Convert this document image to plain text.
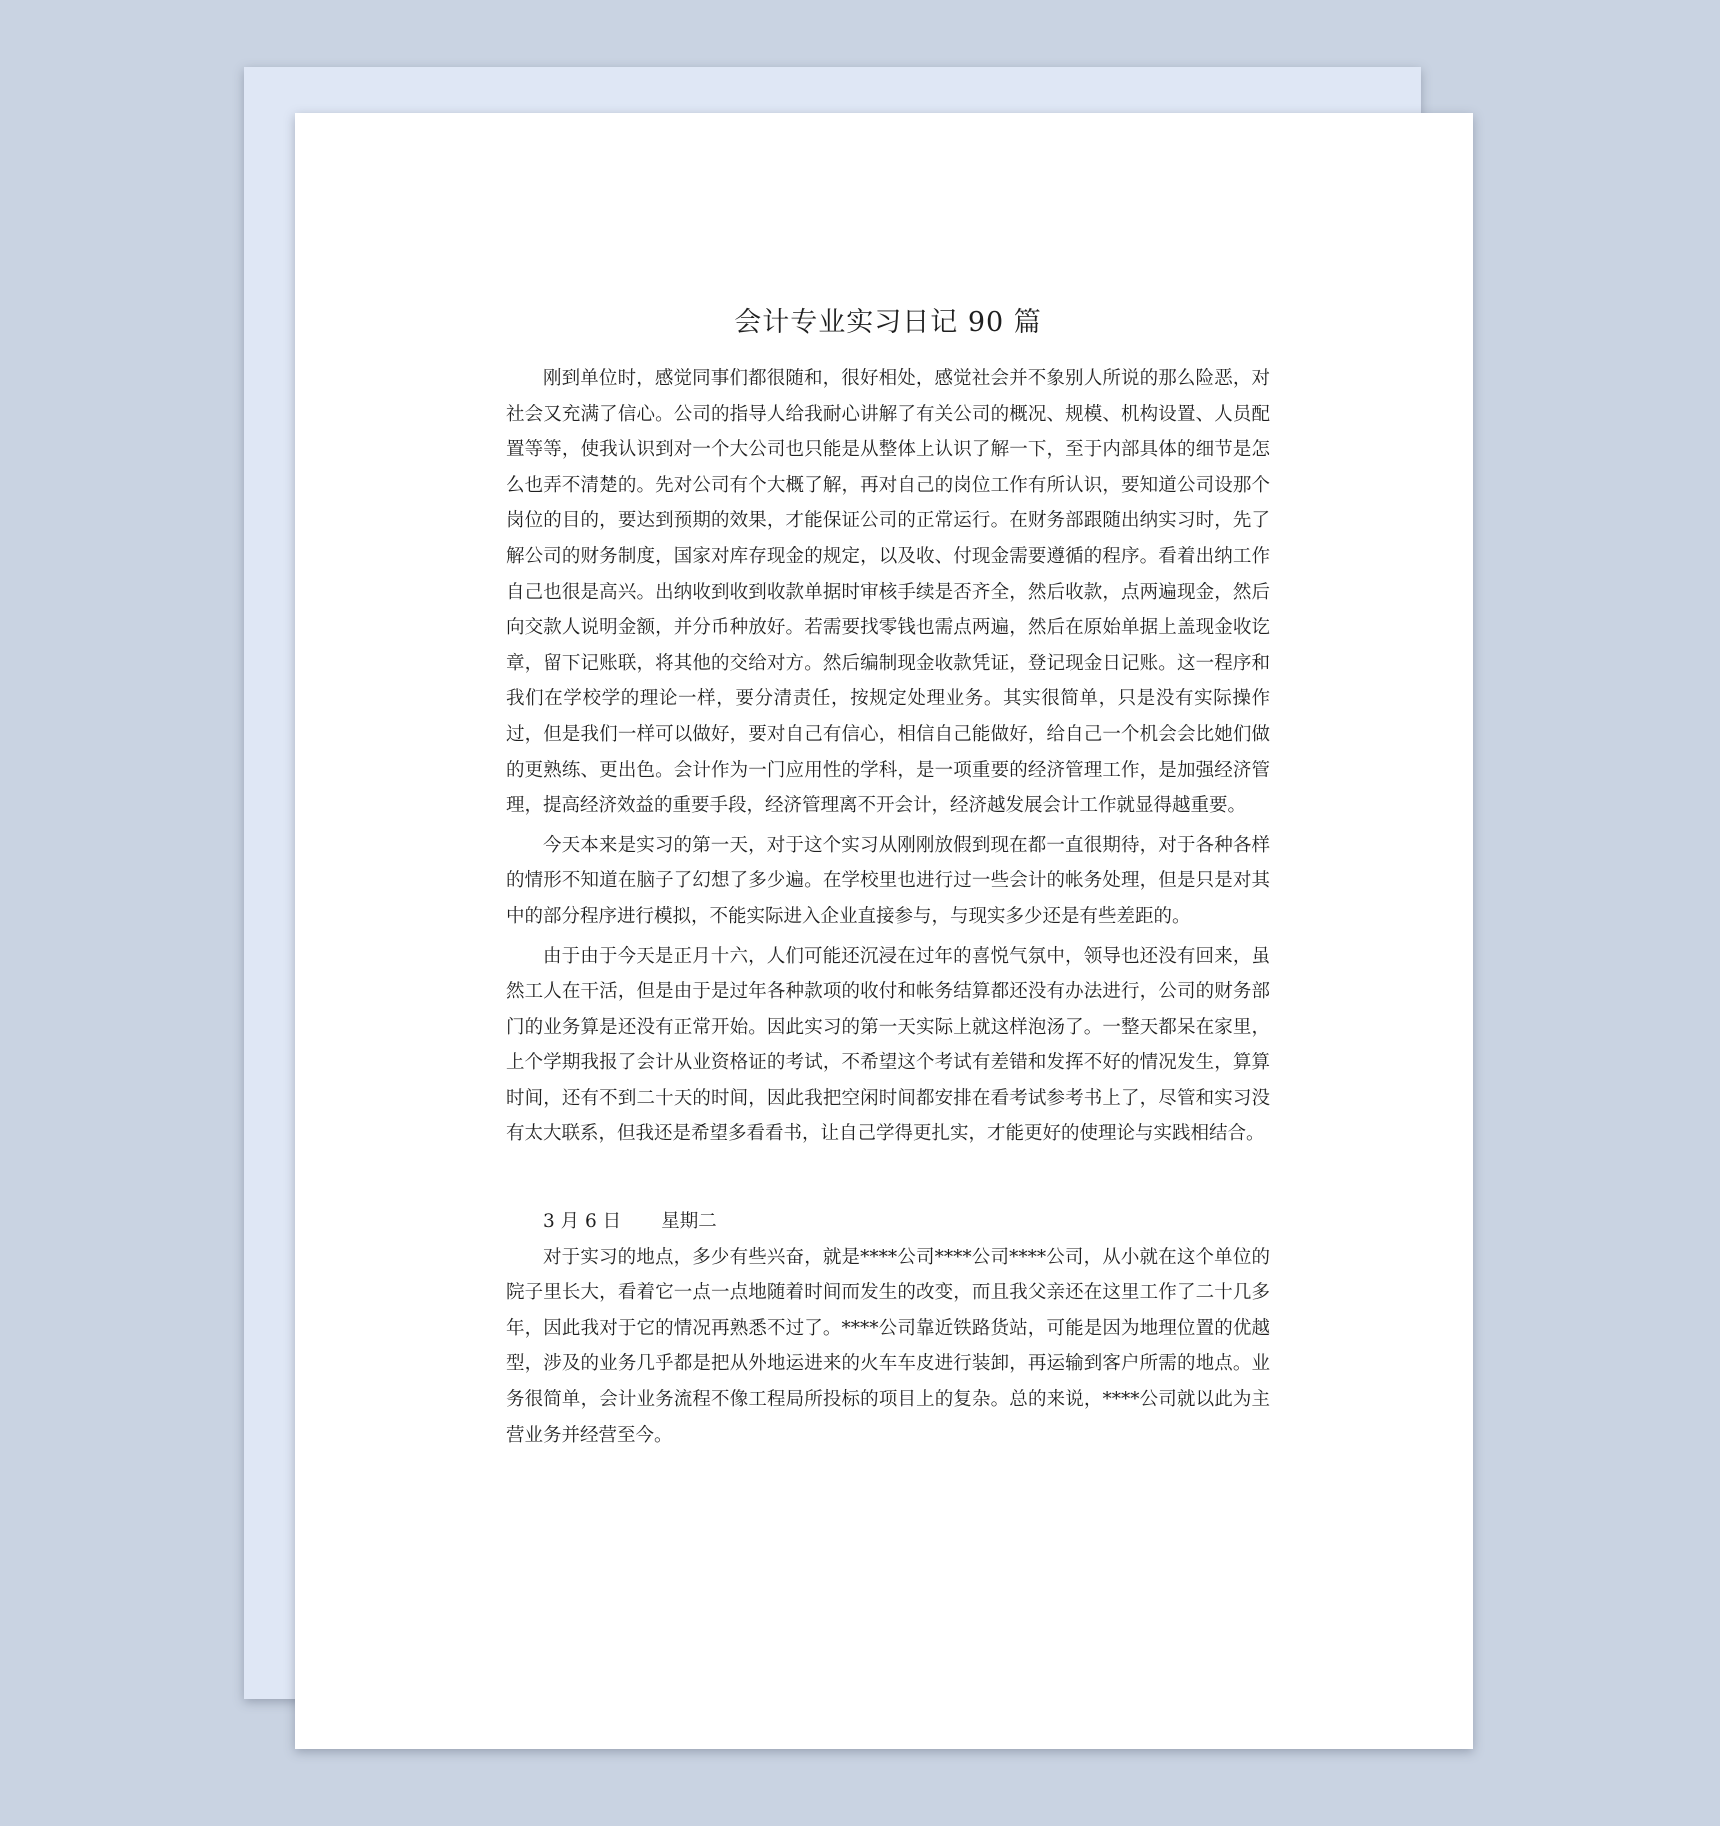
会计专业实习日记 90 篇

刚到单位时，感觉同事们都很随和，很好相处，感觉社会并不象别人所说的那么险恶，对社会又充满了信心。公司的指导人给我耐心讲解了有关公司的概况、规模、机构设置、人员配置等等，使我认识到对一个大公司也只能是从整体上认识了解一下，至于内部具体的细节是怎么也弄不清楚的。先对公司有个大概了解，再对自己的岗位工作有所认识，要知道公司设那个岗位的目的，要达到预期的效果，才能保证公司的正常运行。在财务部跟随出纳实习时，先了解公司的财务制度，国家对库存现金的规定，以及收、付现金需要遵循的程序。看着出纳工作自己也很是高兴。出纳收到收到收款单据时审核手续是否齐全，然后收款，点两遍现金，然后向交款人说明金额，并分币种放好。若需要找零钱也需点两遍，然后在原始单据上盖现金收讫章，留下记账联，将其他的交给对方。然后编制现金收款凭证，登记现金日记账。这一程序和我们在学校学的理论一样，要分清责任，按规定处理业务。其实很简单，只是没有实际操作过，但是我们一样可以做好，要对自己有信心，相信自己能做好，给自己一个机会会比她们做的更熟练、更出色。会计作为一门应用性的学科，是一项重要的经济管理工作，是加强经济管理，提高经济效益的重要手段，经济管理离不开会计，经济越发展会计工作就显得越重要。

今天本来是实习的第一天，对于这个实习从刚刚放假到现在都一直很期待，对于各种各样的情形不知道在脑子了幻想了多少遍。在学校里也进行过一些会计的帐务处理，但是只是对其中的部分程序进行模拟，不能实际进入企业直接参与，与现实多少还是有些差距的。

由于由于今天是正月十六，人们可能还沉浸在过年的喜悦气氛中，领导也还没有回来，虽然工人在干活，但是由于是过年各种款项的收付和帐务结算都还没有办法进行，公司的财务部门的业务算是还没有正常开始。因此实习的第一天实际上就这样泡汤了。一整天都呆在家里，上个学期我报了会计从业资格证的考试，不希望这个考试有差错和发挥不好的情况发生，算算时间，还有不到二十天的时间，因此我把空闲时间都安排在看考试参考书上了，尽管和实习没有太大联系，但我还是希望多看看书，让自己学得更扎实，才能更好的使理论与实践相结合。

3 月 6 日 星期二

对于实习的地点，多少有些兴奋，就是****公司****公司****公司，从小就在这个单位的院子里长大，看着它一点一点地随着时间而发生的改变，而且我父亲还在这里工作了二十几多年，因此我对于它的情况再熟悉不过了。****公司靠近铁路货站，可能是因为地理位置的优越型，涉及的业务几乎都是把从外地运进来的火车车皮进行装卸，再运输到客户所需的地点。业务很简单，会计业务流程不像工程局所投标的项目上的复杂。总的来说，****公司就以此为主营业务并经营至今。
